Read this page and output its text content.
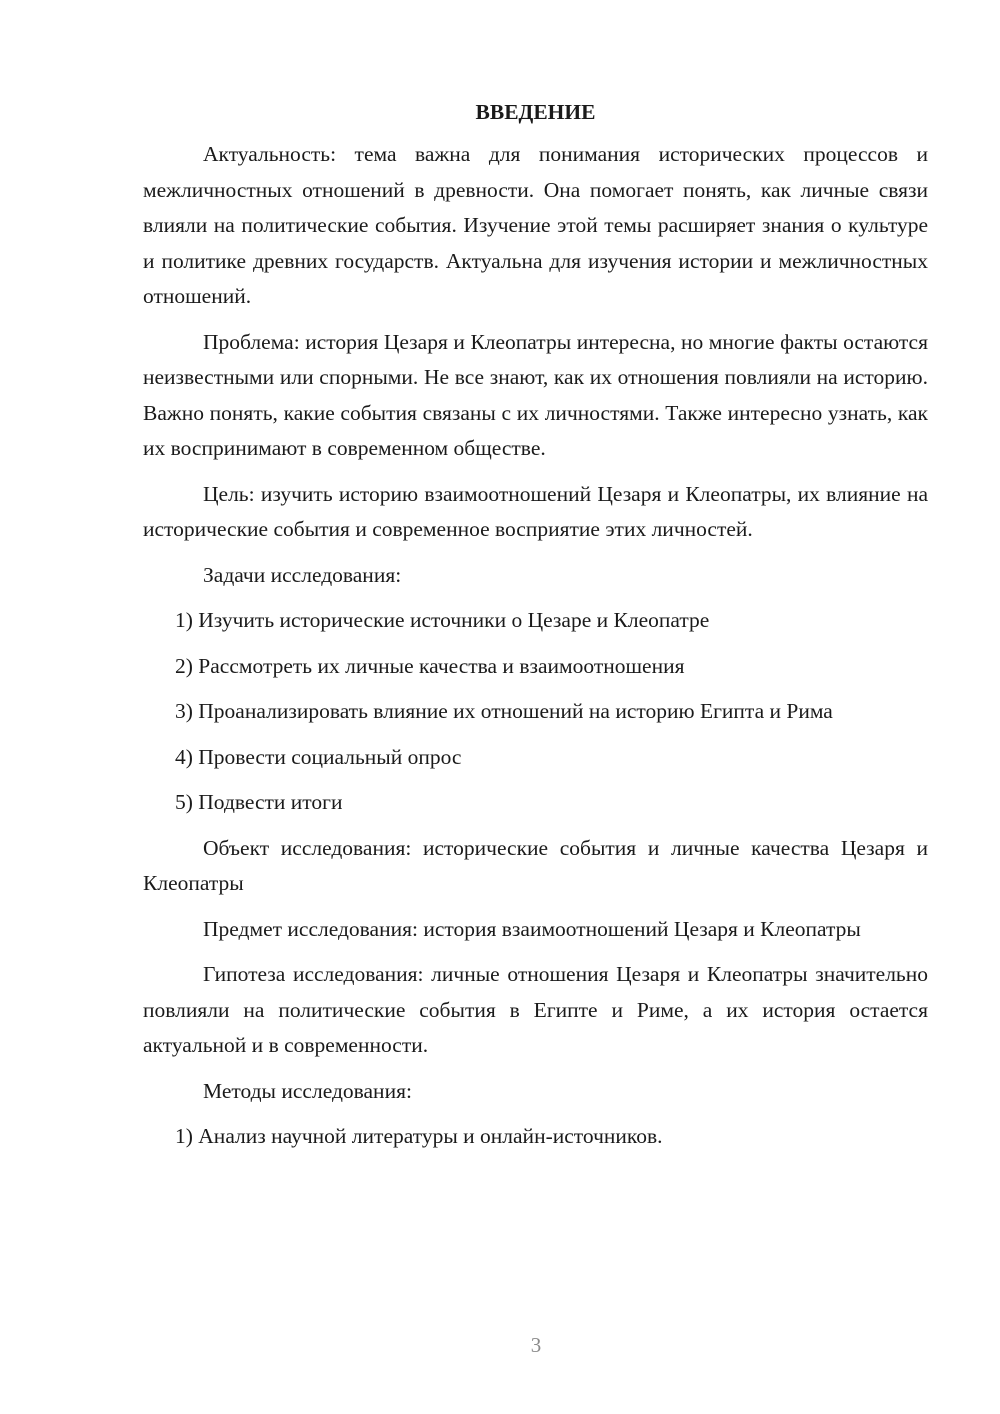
ВВЕДЕНИЕ
Актуальность: тема важна для понимания исторических процессов и межличностных отношений в древности. Она помогает понять, как личные связи влияли на политические события. Изучение этой темы расширяет знания о культуре и политике древних государств. Актуальна для изучения истории и межличностных отношений.
Проблема: история Цезаря и Клеопатры интересна, но многие факты остаются неизвестными или спорными. Не все знают, как их отношения повлияли на историю. Важно понять, какие события связаны с их личностями. Также интересно узнать, как их воспринимают в современном обществе.
Цель: изучить историю взаимоотношений Цезаря и Клеопатры, их влияние на исторические события и современное восприятие этих личностей.
Задачи исследования:
1) Изучить исторические источники о Цезаре и Клеопатре
2) Рассмотреть их личные качества и взаимоотношения
3) Проанализировать влияние их отношений на историю Египта и Рима
4) Провести социальный опрос
5) Подвести итоги
Объект исследования: исторические события и личные качества Цезаря и Клеопатры
Предмет исследования: история взаимоотношений Цезаря и Клеопатры
Гипотеза исследования: личные отношения Цезаря и Клеопатры значительно повлияли на политические события в Египте и Риме, а их история остается актуальной и в современности.
Методы исследования:
1) Анализ научной литературы и онлайн-источников.
3
